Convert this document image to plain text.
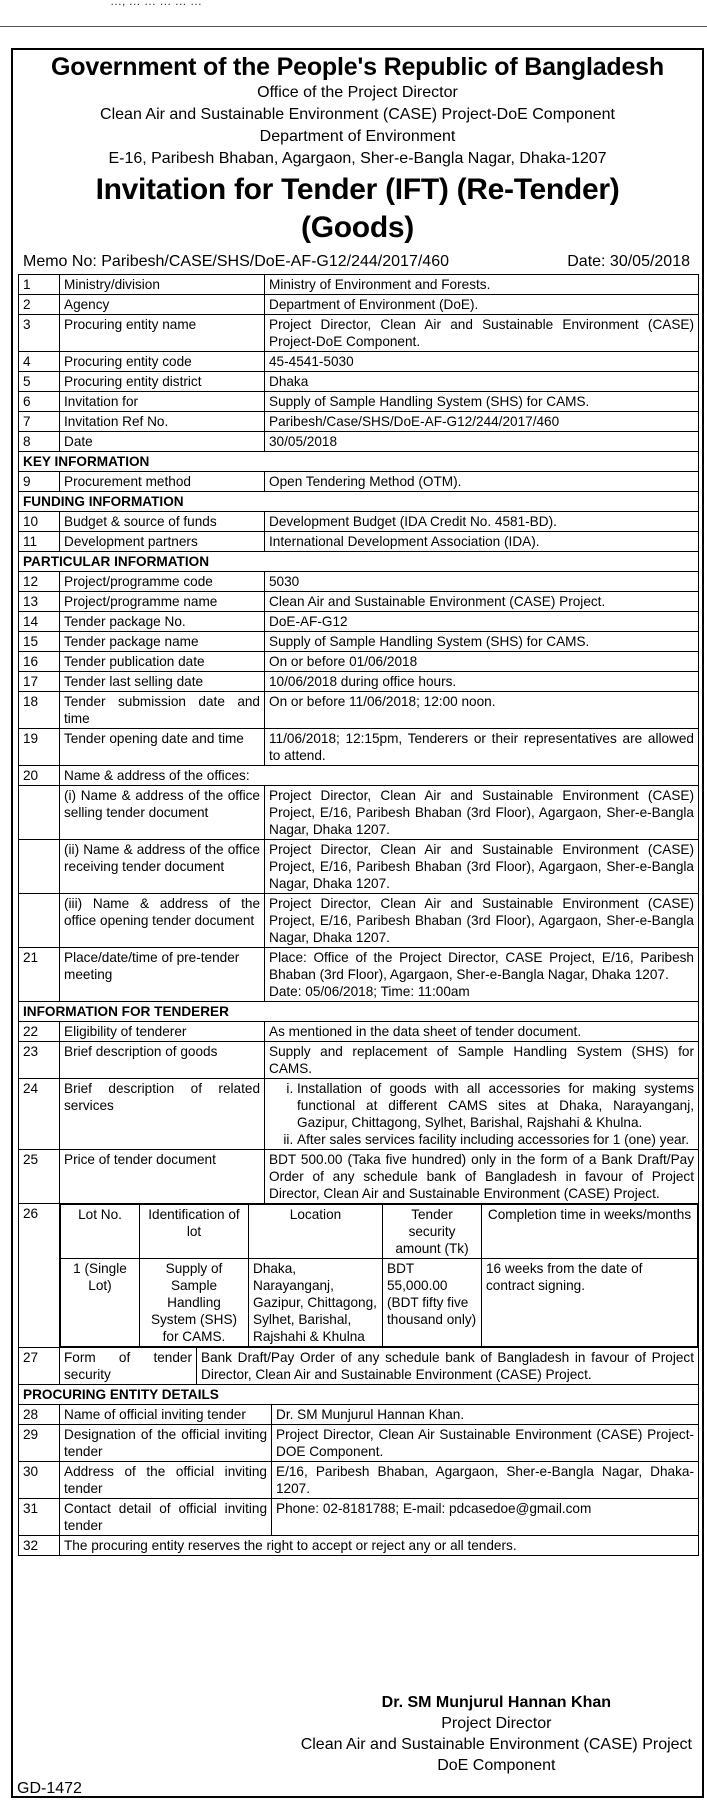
…, … … … … …
Government of the People's Republic of Bangladesh
Office of the Project Director
Clean Air and Sustainable Environment (CASE) Project-DoE Component
Department of Environment
E-16, Paribesh Bhaban, Agargaon, Sher-e-Bangla Nagar, Dhaka-1207
Invitation for Tender (IFT) (Re-Tender)
(Goods)
Memo No: Paribesh/CASE/SHS/DoE-AF-G12/244/2017/460	Date: 30/05/2018
1	Ministry/division	Ministry of Environment and Forests.
2	Agency	Department of Environment (DoE).
3	Procuring entity name	Project Director, Clean Air and Sustainable Environment (CASE) Project-DoE Component.
4	Procuring entity code	45-4541-5030
5	Procuring entity district	Dhaka
6	Invitation for	Supply of Sample Handling System (SHS) for CAMS.
7	Invitation Ref No.	Paribesh/Case/SHS/DoE-AF-G12/244/2017/460
8	Date	30/05/2018
KEY INFORMATION
9	Procurement method	Open Tendering Method (OTM).
FUNDING INFORMATION
10	Budget & source of funds	Development Budget (IDA Credit No. 4581-BD).
11	Development partners	International Development Association (IDA).
PARTICULAR INFORMATION
12	Project/programme code	5030
13	Project/programme name	Clean Air and Sustainable Environment (CASE) Project.
14	Tender package No.	DoE-AF-G12
15	Tender package name	Supply of Sample Handling System (SHS) for CAMS.
16	Tender publication date	On or before 01/06/2018
17	Tender last selling date	10/06/2018 during office hours.
18	Tender submission date and time	On or before 11/06/2018; 12:00 noon.
19	Tender opening date and time	11/06/2018; 12:15pm, Tenderers or their representatives are allowed to attend.
20	Name & address of the offices:
	(i) Name & address of the office selling tender document	Project Director, Clean Air and Sustainable Environment (CASE) Project, E/16, Paribesh Bhaban (3rd Floor), Agargaon, Sher-e-Bangla Nagar, Dhaka 1207.
	(ii) Name & address of the office receiving tender document	Project Director, Clean Air and Sustainable Environment (CASE) Project, E/16, Paribesh Bhaban (3rd Floor), Agargaon, Sher-e-Bangla Nagar, Dhaka 1207.
	(iii) Name & address of the office opening tender document	Project Director, Clean Air and Sustainable Environment (CASE) Project, E/16, Paribesh Bhaban (3rd Floor), Agargaon, Sher-e-Bangla Nagar, Dhaka 1207.
21	Place/date/time of pre-tender meeting	
Place: Office of the Project Director, CASE Project, E/16, Paribesh Bhaban (3rd Floor), Agargaon, Sher-e-Bangla Nagar, Dhaka 1207.
Date: 05/06/2018; Time: 11:00am

INFORMATION FOR TENDERER
22	Eligibility of tenderer	As mentioned in the data sheet of tender document.
23	Brief description of goods	Supply and replacement of Sample Handling System (SHS) for CAMS.
24	Brief description of related services	
i. Installation of goods with all accessories for making systems functional at different CAMS sites at Dhaka, Narayanganj, Gazipur, Chittagong, Sylhet, Barishal, Rajshahi & Khulna.
ii. After sales services facility including accessories for 1 (one) year.

25	Price of tender document	BDT 500.00 (Taka five hundred) only in the form of a Bank Draft/Pay Order of any schedule bank of Bangladesh in favour of Project Director, Clean Air and Sustainable Environment (CASE) Project.
26		Lot No.	Identification of lot	Location	Tender security amount (Tk)	Completion time in weeks/months
1 (Single Lot)	Supply of Sample Handling System (SHS) for CAMS.	Dhaka, Narayanganj, Gazipur, Chittagong, Sylhet, Barishal, Rajshahi & Khulna	BDT 55,000.00 (BDT fifty five thousand only)	16 weeks from the date of contract signing.

27	Form of tender security	Bank Draft/Pay Order of any schedule bank of Bangladesh in favour of Project Director, Clean Air and Sustainable Environment (CASE) Project.

PROCURING ENTITY DETAILS
28	Name of official inviting tender	Dr. SM Munjurul Hannan Khan.

29	Designation of the official inviting tender	Project Director, Clean Air Sustainable Environment (CASE) Project-DOE Component.

30	Address of the official inviting tender	E/16, Paribesh Bhaban, Agargaon, Sher-e-Bangla Nagar, Dhaka-1207.

31	Contact detail of official inviting tender	Phone: 02-8181788; E-mail: pdcasedoe@gmail.com

32	The procuring entity reserves the right to accept or reject any or all tenders.
Dr. SM Munjurul Hannan Khan
Project Director
Clean Air and Sustainable Environment (CASE) Project
DoE Component
GD-1472
